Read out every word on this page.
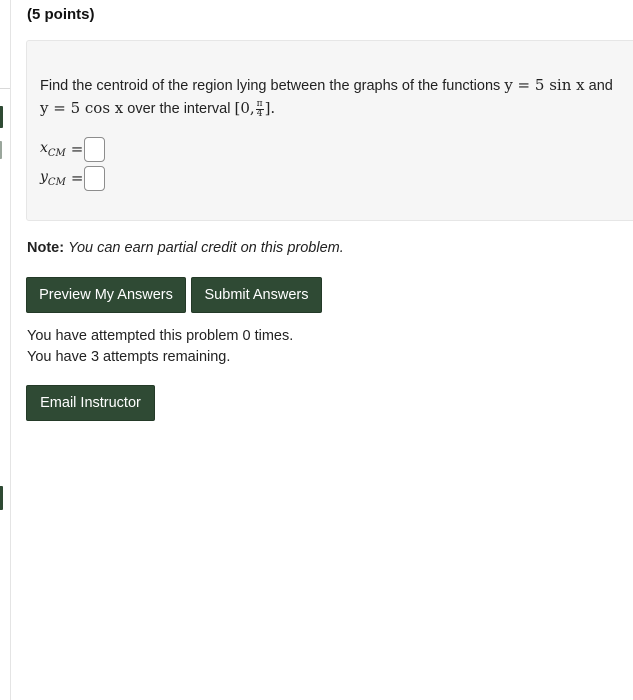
(5 points)
Find the centroid of the region lying between the graphs of the functions y = 5 sin x and
y = 5 cos x over the interval [0, $\frac{\pi}{4}$ ].
$x_{CM}$ =
$y_{CM}$ =
Note: You can earn partial credit on this problem.
Preview My Answers	Submit Answers
You have attempted this problem 0 times.
You have 3 attempts remaining.
Email Instructor
